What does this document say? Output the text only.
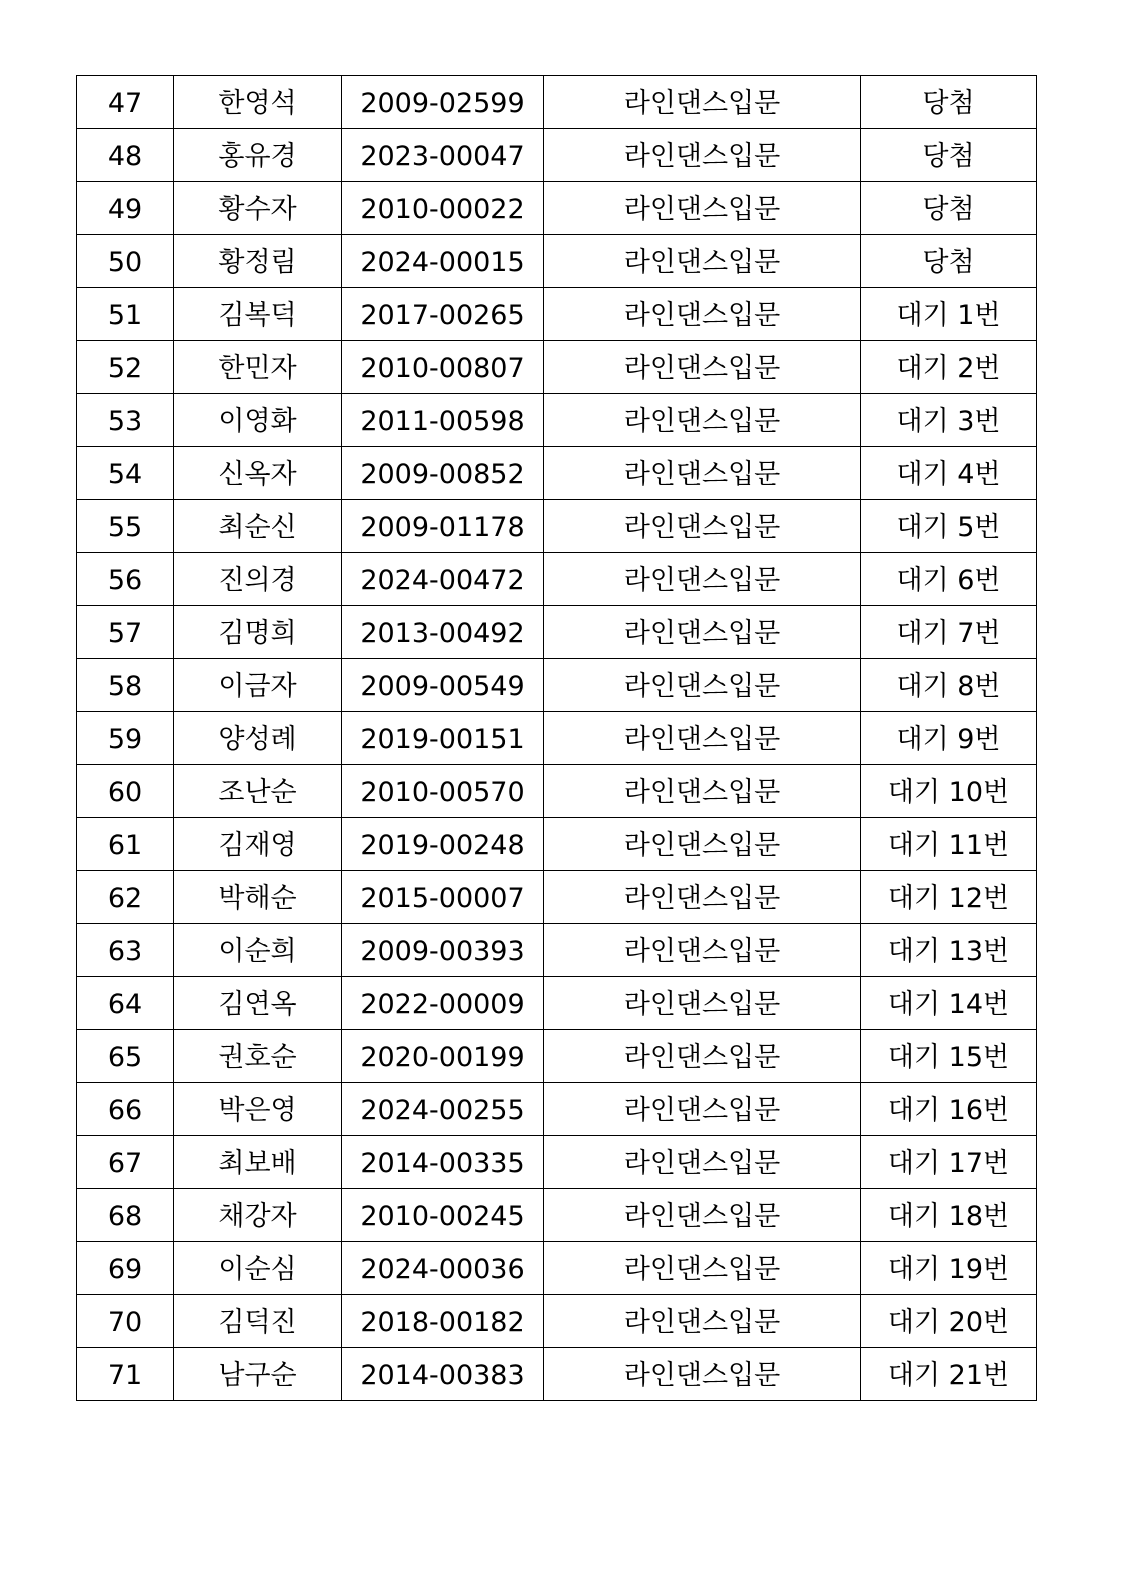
47	한영석	2009-02599	라인댄스입문	당첨
48	홍유경	2023-00047	라인댄스입문	당첨
49	황수자	2010-00022	라인댄스입문	당첨
50	황정림	2024-00015	라인댄스입문	당첨
51	김복덕	2017-00265	라인댄스입문	대기 1번
52	한민자	2010-00807	라인댄스입문	대기 2번
53	이영화	2011-00598	라인댄스입문	대기 3번
54	신옥자	2009-00852	라인댄스입문	대기 4번
55	최순신	2009-01178	라인댄스입문	대기 5번
56	진의경	2024-00472	라인댄스입문	대기 6번
57	김명희	2013-00492	라인댄스입문	대기 7번
58	이금자	2009-00549	라인댄스입문	대기 8번
59	양성례	2019-00151	라인댄스입문	대기 9번
60	조난순	2010-00570	라인댄스입문	대기 10번
61	김재영	2019-00248	라인댄스입문	대기 11번
62	박해순	2015-00007	라인댄스입문	대기 12번
63	이순희	2009-00393	라인댄스입문	대기 13번
64	김연옥	2022-00009	라인댄스입문	대기 14번
65	권호순	2020-00199	라인댄스입문	대기 15번
66	박은영	2024-00255	라인댄스입문	대기 16번
67	최보배	2014-00335	라인댄스입문	대기 17번
68	채강자	2010-00245	라인댄스입문	대기 18번
69	이순심	2024-00036	라인댄스입문	대기 19번
70	김덕진	2018-00182	라인댄스입문	대기 20번
71	남구순	2014-00383	라인댄스입문	대기 21번
